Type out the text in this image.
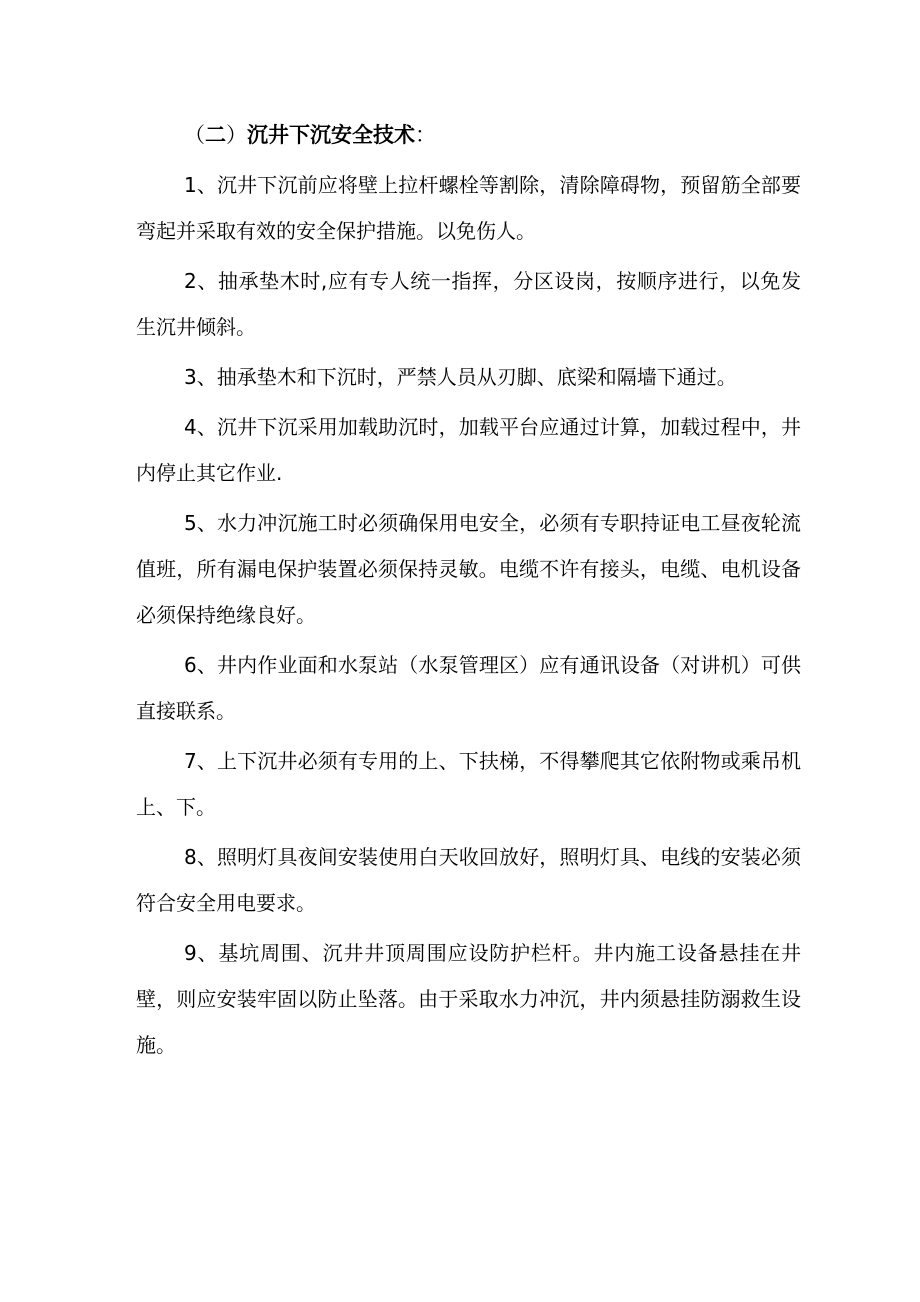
（二）沉井下沉安全技术：

1、沉井下沉前应将壁上拉杆螺栓等割除，清除障碍物，预留筋全部要弯起并采取有效的安全保护措施。以免伤人。

2、抽承垫木时,应有专人统一指挥，分区设岗，按顺序进行，以免发生沉井倾斜。

3、抽承垫木和下沉时，严禁人员从刃脚、底梁和隔墙下通过。

4、沉井下沉采用加载助沉时，加载平台应通过计算，加载过程中，井内停止其它作业.

5、水力冲沉施工时必须确保用电安全，必须有专职持证电工昼夜轮流值班，所有漏电保护装置必须保持灵敏。电缆不许有接头，电缆、电机设备必须保持绝缘良好。

6、井内作业面和水泵站（水泵管理区）应有通讯设备（对讲机）可供直接联系。

7、上下沉井必须有专用的上、下扶梯，不得攀爬其它依附物或乘吊机上、下。

8、照明灯具夜间安装使用白天收回放好，照明灯具、电线的安装必须符合安全用电要求。

9、基坑周围、沉井井顶周围应设防护栏杆。井内施工设备悬挂在井壁，则应安装牢固以防止坠落。由于采取水力冲沉，井内须悬挂防溺救生设施。
